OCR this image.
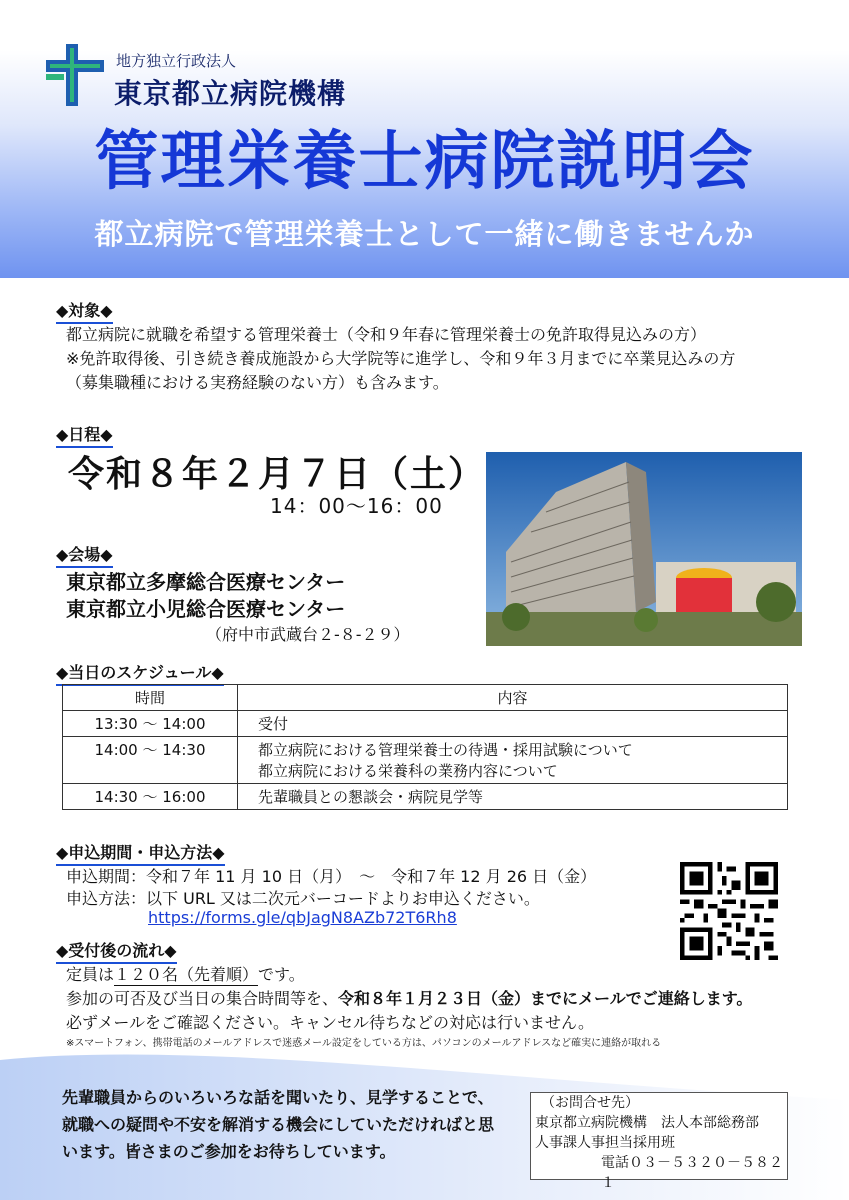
地方独立行政法人
東京都立病院機構
管理栄養士病院説明会
都立病院で管理栄養士として一緒に働きませんか
◆対象◆
都立病院に就職を希望する管理栄養士（令和９年春に管理栄養士の免許取得見込みの方）
※免許取得後、引き続き養成施設から大学院等に進学し、令和９年３月までに卒業見込みの方
（募集職種における実務経験のない方）も含みます。
◆日程◆
令和８年２月７日（土）
14：00～16：00
◆会場◆
東京都立多摩総合医療センター
東京都立小児総合医療センター
（府中市武蔵台２-８-２９）
◆当日のスケジュール◆
時間	内容
13:30 ～ 14:00	受付
14:00 ～ 14:30	都立病院における管理栄養士の待遇・採用試験について
都立病院における栄養科の業務内容について

14:30 ～ 16:00	先輩職員との懇談会・病院見学等
◆申込期間・申込方法◆
申込期間：令和７年 11 月 10 日（月）　～　令和７年 12 月 26 日（金）
申込方法：以下 URL 又は二次元バーコードよりお申込ください。
https://forms.gle/qbJagN8AZb72T6Rh8
◆受付後の流れ◆
定員は１２０名（先着順）です。
参加の可否及び当日の集合時間等を、令和８年１月２３日（金）までにメールでご連絡します。
必ずメールをご確認ください。キャンセル待ちなどの対応は行いません。
※スマートフォン、携帯電話のメールアドレスで迷惑メール設定をしている方は、パソコンのメールアドレスなど確実に連絡が取れる
先輩職員からのいろいろな話を聞いたり、見学することで、
就職への疑問や不安を解消する機会にしていただければと思
います。皆さまのご参加をお待ちしています。
（お問合せ先）
東京都立病院機構　法人本部総務部
人事課人事担当採用班
電話０３－５３２０－５８２１
